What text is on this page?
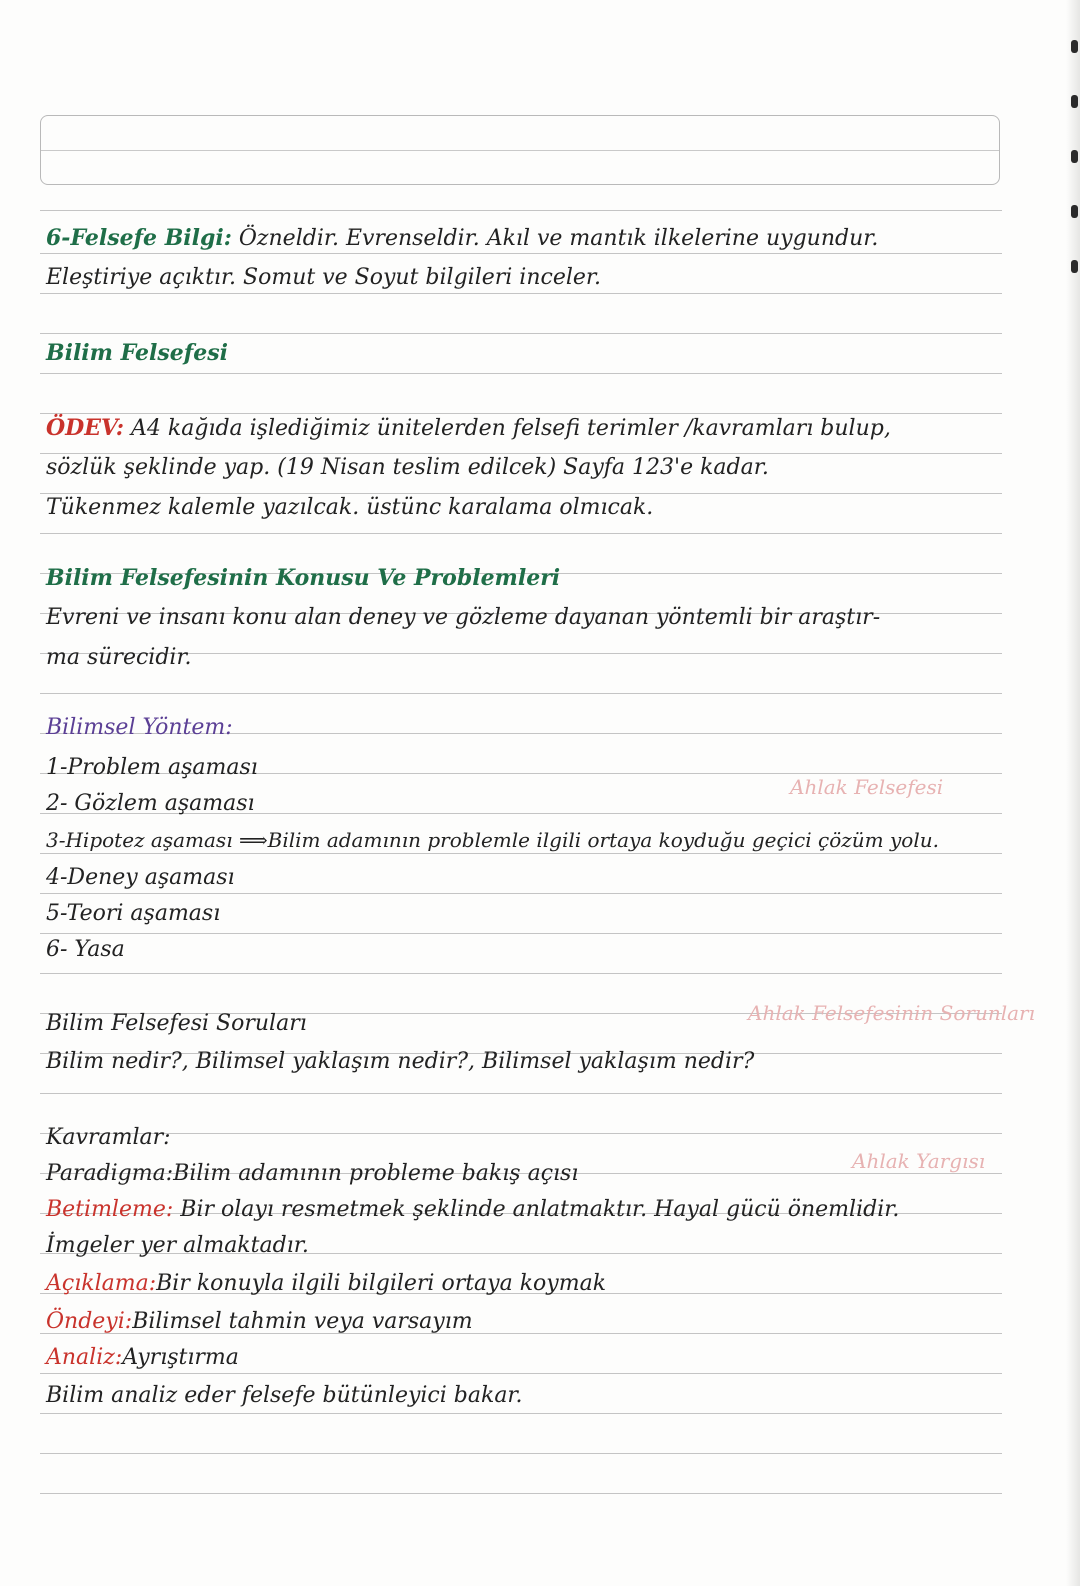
Ahlak Felsefesi
Ahlak Felsefesinin Sorunları
Ahlak Yargısı
6-Felsefe Bilgi: Özneldir. Evrenseldir. Akıl ve mantık ilkelerine uygundur.
Eleştiriye açıktır. Somut ve Soyut bilgileri inceler.
Bilim Felsefesi
ÖDEV: A4 kağıda işlediğimiz ünitelerden felsefi terimler /kavramları bulup,
sözlük şeklinde yap. (19 Nisan teslim edilcek) Sayfa 123'e kadar.
Tükenmez kalemle yazılcak. üstünc karalama olmıcak.
Bilim Felsefesinin Konusu Ve Problemleri
Evreni ve insanı konu alan deney ve gözleme dayanan yöntemli bir araştır-
ma sürecidir.
Bilimsel Yöntem:
1-Problem aşaması
2- Gözlem aşaması
3-Hipotez aşaması ⟹Bilim adamının problemle ilgili ortaya koyduğu geçici çözüm yolu.
4-Deney aşaması
5-Teori aşaması
6- Yasa
Bilim Felsefesi Soruları
Bilim nedir?, Bilimsel yaklaşım nedir?, Bilimsel yaklaşım nedir?
Kavramlar:
Paradigma:Bilim adamının probleme bakış açısı
Betimleme: Bir olayı resmetmek şeklinde anlatmaktır. Hayal gücü önemlidir.
İmgeler yer almaktadır.
Açıklama:Bir konuyla ilgili bilgileri ortaya koymak
Öndeyi:Bilimsel tahmin veya varsayım
Analiz:Ayrıştırma
Bilim analiz eder felsefe bütünleyici bakar.
